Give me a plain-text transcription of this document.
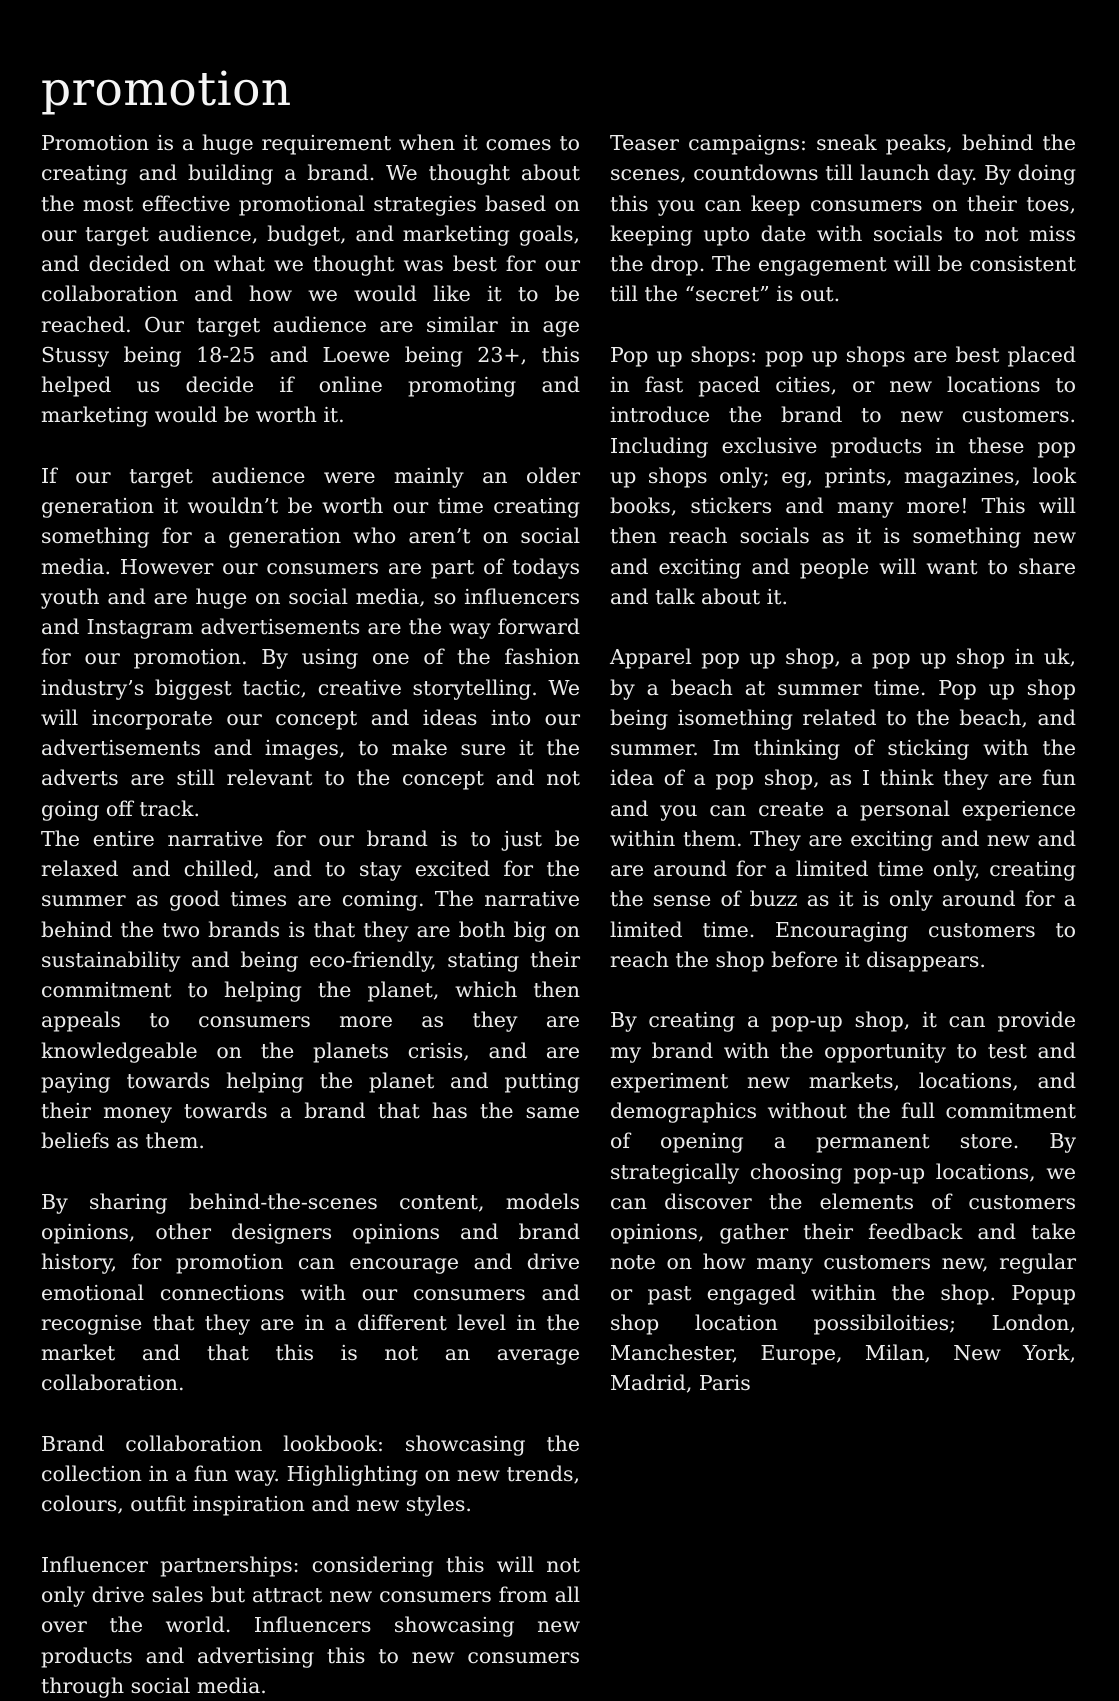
promotion

Promotion is a huge requirement when it comes to creating and building a brand. We thought about the most effective promotional strategies based on our target audience, budget, and marketing goals, and decided on what we thought was best for our collaboration and how we would like it to be reached. Our target audience are similar in age Stussy being 18-25 and Loewe being 23+, this helped us decide if online promoting and marketing would be worth it.

If our target audience were mainly an older generation it wouldn’t be worth our time creating something for a generation who aren’t on social media. However our consumers are part of todays youth and are huge on social media, so influencers and Instagram advertisements are the way forward for our promotion. By using one of the fashion industry’s biggest tactic, creative storytelling. We will incorporate our concept and ideas into our advertisements and images, to make sure it the adverts are still relevant to the concept and not going off track.

The entire narrative for our brand is to just be relaxed and chilled, and to stay excited for the summer as good times are coming. The narrative behind the two brands is that they are both big on sustainability and being eco-friendly, stating their commitment to helping the planet, which then appeals to consumers more as they are knowledgeable on the planets crisis, and are paying towards helping the planet and putting their money towards a brand that has the same beliefs as them.

By sharing behind-the-scenes content, models opinions, other designers opinions and brand history, for promotion can encourage and drive emotional connections with our consumers and recognise that they are in a different level in the market and that this is not an average collaboration.

Brand collaboration lookbook: showcasing the collection in a fun way. Highlighting on new trends, colours, outfit inspiration and new styles.

Influencer partnerships: considering this will not only drive sales but attract new consumers from all over the world. Influencers showcasing new products and advertising this to new consumers through social media.

Teaser campaigns: sneak peaks, behind the scenes, countdowns till launch day. By doing this you can keep consumers on their toes, keeping upto date with socials to not miss the drop. The engagement will be consistent till the “secret” is out.

Pop up shops: pop up shops are best placed in fast paced cities, or new locations to introduce the brand to new customers. Including exclusive products in these pop up shops only; eg, prints, magazines, look books, stickers and many more! This will then reach socials as it is something new and exciting and people will want to share and talk about it.

Apparel pop up shop, a pop up shop in uk, by a beach at summer time. Pop up shop being isomething related to the beach, and summer. Im thinking of sticking with the idea of a pop shop, as I think they are fun and you can create a personal experience within them. They are exciting and new and are around for a limited time only, creating the sense of buzz as it is only around for a limited time. Encouraging customers to reach the shop before it disappears.

By creating a pop-up shop, it can provide my brand with the opportunity to test and experiment new markets, locations, and demographics without the full commitment of opening a permanent store. By strategically choosing pop-up locations, we can discover the elements of customers opinions, gather their feedback and take note on how many customers new, regular or past engaged within the shop. Popup shop location possibiloities; London, Manchester, Europe, Milan, New York, Madrid, Paris
